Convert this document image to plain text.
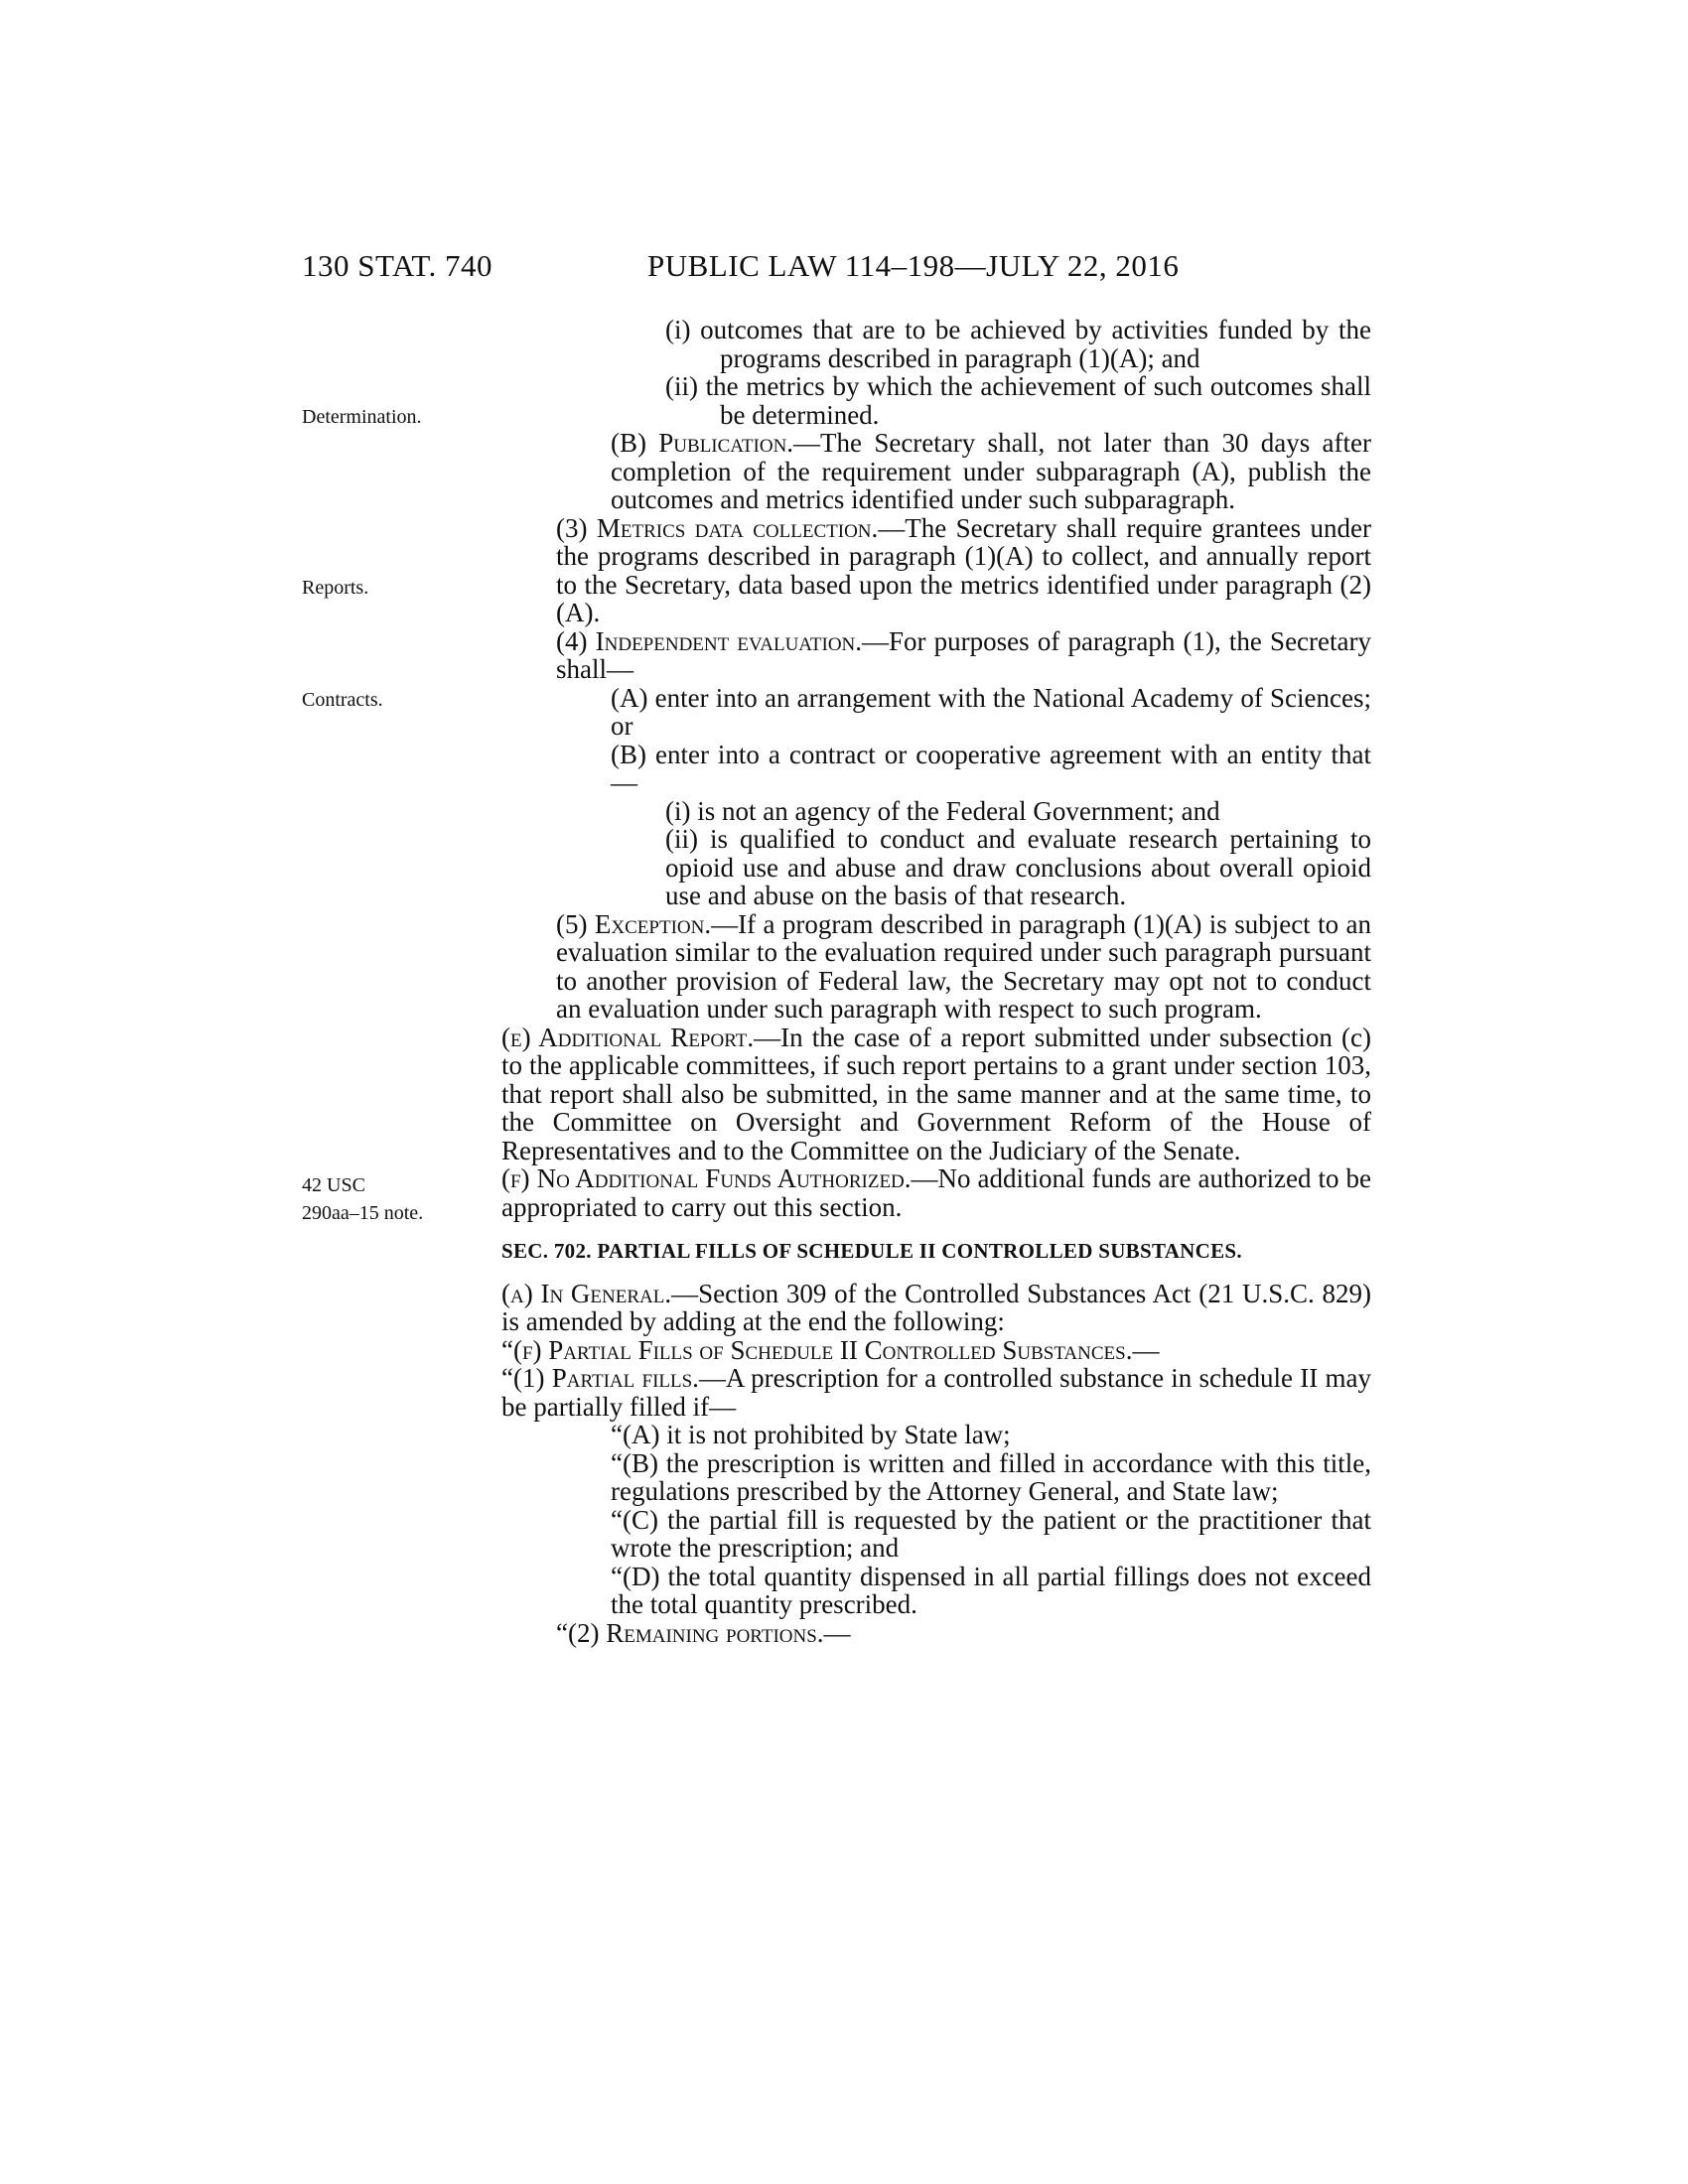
130 STAT. 740	PUBLIC LAW 114–198—JULY 22, 2016
Determination.
Reports.
Contracts.
42 USC
290aa–15 note.

(i) outcomes that are to be achieved by activities funded by the programs described in paragraph (1)(A); and

(ii) the metrics by which the achievement of such outcomes shall be determined.

(B) Publication.—The Secretary shall, not later than 30 days after completion of the requirement under subparagraph (A), publish the outcomes and metrics identified under such subparagraph.

(3) Metrics data collection.—The Secretary shall require grantees under the programs described in paragraph (1)(A) to collect, and annually report to the Secretary, data based upon the metrics identified under paragraph (2)(A).

(4) Independent evaluation.—For purposes of paragraph (1), the Secretary shall—

(A) enter into an arrangement with the National Academy of Sciences; or

(B) enter into a contract or cooperative agreement with an entity that—

(i) is not an agency of the Federal Government; and

(ii) is qualified to conduct and evaluate research pertaining to opioid use and abuse and draw conclusions about overall opioid use and abuse on the basis of that research.

(5) Exception.—If a program described in paragraph (1)(A) is subject to an evaluation similar to the evaluation required under such paragraph pursuant to another provision of Federal law, the Secretary may opt not to conduct an evaluation under such paragraph with respect to such program.

(e) Additional Report.—In the case of a report submitted under subsection (c) to the applicable committees, if such report pertains to a grant under section 103, that report shall also be submitted, in the same manner and at the same time, to the Committee on Oversight and Government Reform of the House of Representatives and to the Committee on the Judiciary of the Senate.

(f) No Additional Funds Authorized.—No additional funds are authorized to be appropriated to carry out this section.

SEC. 702. PARTIAL FILLS OF SCHEDULE II CONTROLLED SUBSTANCES.

(a) In General.—Section 309 of the Controlled Substances Act (21 U.S.C. 829) is amended by adding at the end the following:

“(f) Partial Fills of Schedule II Controlled Substances.—

“(1) Partial fills.—A prescription for a controlled substance in schedule II may be partially filled if—

“(A) it is not prohibited by State law;

“(B) the prescription is written and filled in accordance with this title, regulations prescribed by the Attorney General, and State law;

“(C) the partial fill is requested by the patient or the practitioner that wrote the prescription; and

“(D) the total quantity dispensed in all partial fillings does not exceed the total quantity prescribed.

“(2) Remaining portions.—
